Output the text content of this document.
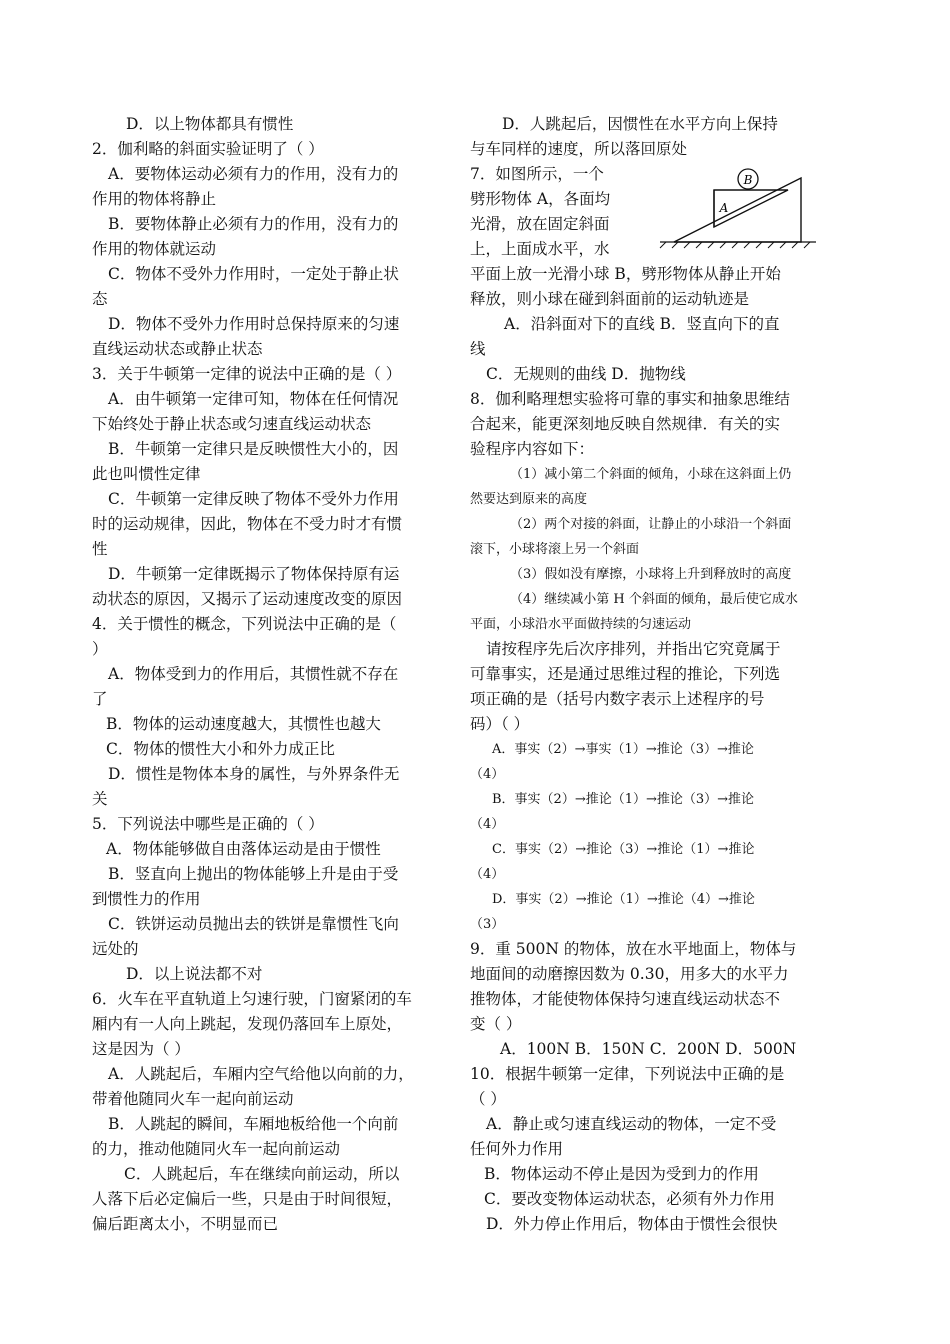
D．以上物体都具有惯性
2．伽利略的斜面实验证明了（ ）
A．要物体运动必须有力的作用，没有力的
作用的物体将静止
B．要物体静止必须有力的作用，没有力的
作用的物体就运动
C．物体不受外力作用时，一定处于静止状
态
D．物体不受外力作用时总保持原来的匀速
直线运动状态或静止状态
3．关于牛顿第一定律的说法中正确的是（ ）
A．由牛顿第一定律可知，物体在任何情况
下始终处于静止状态或匀速直线运动状态
B．牛顿第一定律只是反映惯性大小的，因
此也叫惯性定律
C．牛顿第一定律反映了物体不受外力作用
时的运动规律，因此，物体在不受力时才有惯
性
D．牛顿第一定律既揭示了物体保持原有运
动状态的原因，又揭示了运动速度改变的原因
4．关于惯性的概念，下列说法中正确的是（
）
A．物体受到力的作用后，其惯性就不存在
了
B．物体的运动速度越大，其惯性也越大
C．物体的惯性大小和外力成正比
D．惯性是物体本身的属性，与外界条件无
关
5．下列说法中哪些是正确的（ ）
A．物体能够做自由落体运动是由于惯性
B．竖直向上抛出的物体能够上升是由于受
到惯性力的作用
C．铁饼运动员抛出去的铁饼是靠惯性飞向
远处的
D．以上说法都不对
6．火车在平直轨道上匀速行驶，门窗紧闭的车
厢内有一人向上跳起，发现仍落回车上原处，
这是因为（ ）
A．人跳起后，车厢内空气给他以向前的力，
带着他随同火车一起向前运动
B．人跳起的瞬间，车厢地板给他一个向前
的力，推动他随同火车一起向前运动
C．人跳起后，车在继续向前运动，所以
人落下后必定偏后一些，只是由于时间很短，
偏后距离太小，不明显而已
D．人跳起后，因惯性在水平方向上保持
与车同样的速度，所以落回原处
7．如图所示，一个
劈形物体 A，各面均
光滑，放在固定斜面
上，上面成水平，水
B
A
平面上放一光滑小球 B，劈形物体从静止开始
释放，则小球在碰到斜面前的运动轨迹是
A．沿斜面对下的直线 B．竖直向下的直
线
C．无规则的曲线 D．抛物线
8．伽利略理想实验将可靠的事实和抽象思维结
合起来，能更深刻地反映自然规律．有关的实
验程序内容如下：
（1）减小第二个斜面的倾角，小球在这斜面上仍
然要达到原来的高度
（2）两个对接的斜面，让静止的小球沿一个斜面
滚下，小球将滚上另一个斜面
（3）假如没有摩擦，小球将上升到释放时的高度
（4）继续减小第 H 个斜面的倾角，最后使它成水
平面，小球沿水平面做持续的匀速运动
请按程序先后次序排列，并指出它究竟属于
可靠事实，还是通过思维过程的推论，下列选
项正确的是（括号内数字表示上述程序的号
码）（ ）
A．事实（2）→事实（1）→推论（3）→推论
（4）
B．事实（2）→推论（1）→推论（3）→推论
（4）
C．事实（2）→推论（3）→推论（1）→推论
（4）
D．事实（2）→推论（1）→推论（4）→推论
（3）
9．重 500N 的物体，放在水平地面上，物体与
地面间的动磨擦因数为 0.30，用多大的水平力
推物体，才能使物体保持匀速直线运动状态不
变（ ）
A．100N B．150N C．200N D．500N
10．根据牛顿第一定律，下列说法中正确的是
（ ）
A．静止或匀速直线运动的物体，一定不受
任何外力作用
B．物体运动不停止是因为受到力的作用
C．要改变物体运动状态，必须有外力作用
D．外力停止作用后，物体由于惯性会很快
